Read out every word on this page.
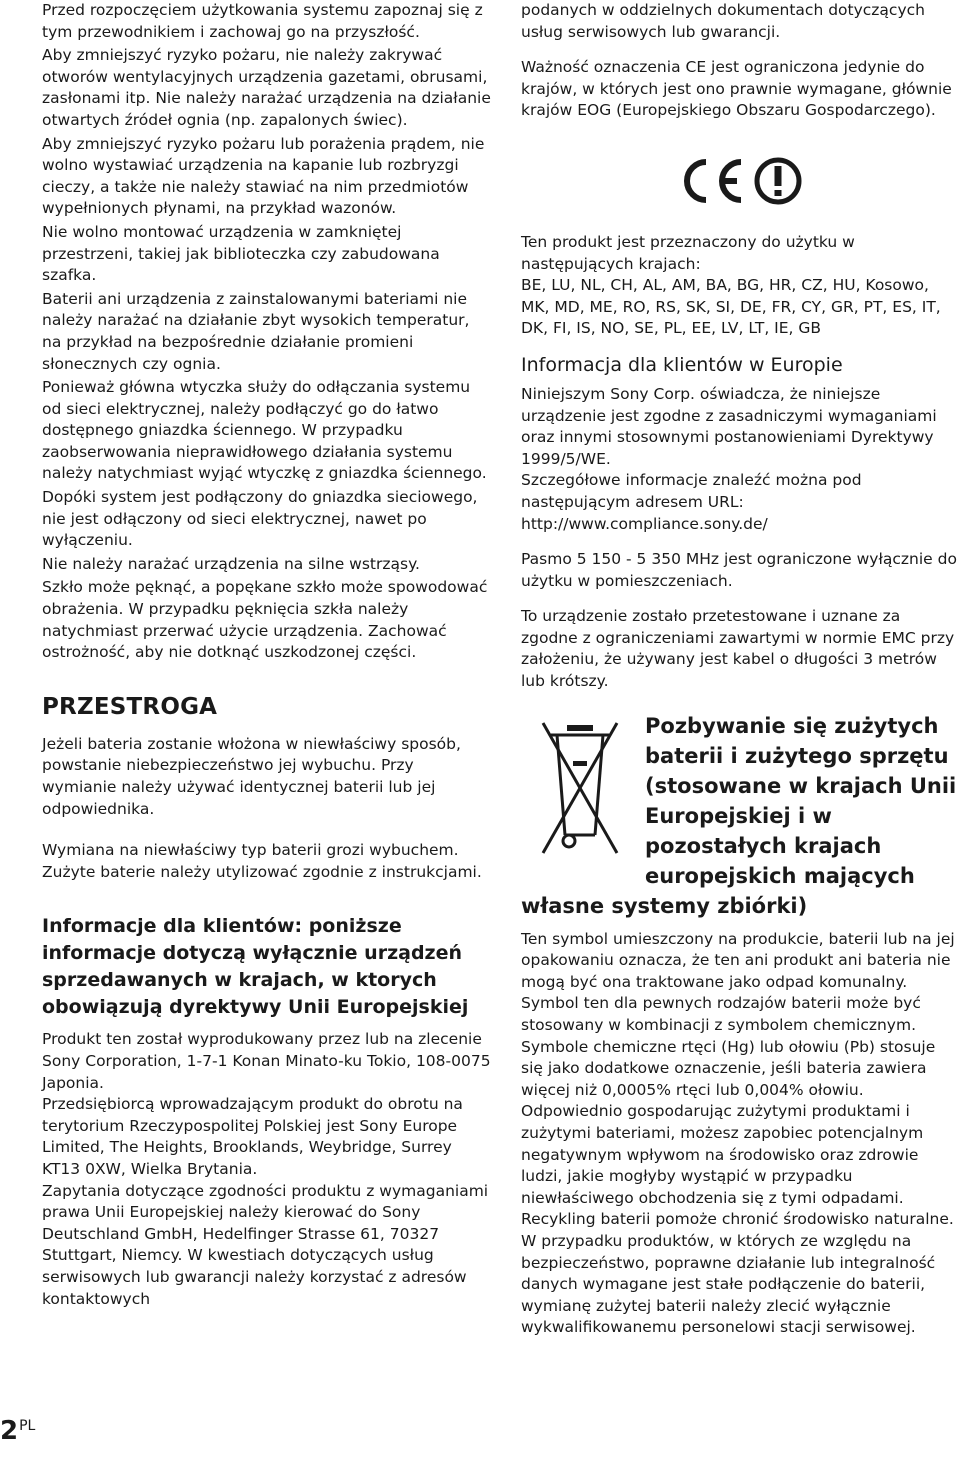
Przed rozpoczęciem użytkowania systemu zapoznaj się z tym przewodnikiem i zachowaj go na przyszłość.

Aby zmniejszyć ryzyko pożaru, nie należy zakrywać otworów wentylacyjnych urządzenia gazetami, obrusami, zasłonami itp. Nie należy narażać urządzenia na działanie otwartych źródeł ognia (np. zapalonych świec).

Aby zmniejszyć ryzyko pożaru lub porażenia prądem, nie wolno wystawiać urządzenia na kapanie lub rozbryzgi cieczy, a także nie należy stawiać na nim przedmiotów wypełnionych płynami, na przykład wazonów.

Nie wolno montować urządzenia w zamkniętej przestrzeni, takiej jak biblioteczka czy zabudowana szafka.

Baterii ani urządzenia z zainstalowanymi bateriami nie należy narażać na działanie zbyt wysokich temperatur, na przykład na bezpośrednie działanie promieni słonecznych czy ognia.

Ponieważ główna wtyczka służy do odłączania systemu od sieci elektrycznej, należy podłączyć go do łatwo dostępnego gniazdka ściennego. W przypadku zaobserwowania nieprawidłowego działania systemu należy natychmiast wyjąć wtyczkę z gniazdka ściennego.

Dopóki system jest podłączony do gniazdka sieciowego, nie jest odłączony od sieci elektrycznej, nawet po wyłączeniu.

Nie należy narażać urządzenia na silne wstrząsy.

Szkło może pęknąć, a popękane szkło może spowodować obrażenia. W przypadku pęknięcia szkła należy natychmiast przerwać użycie urządzenia. Zachować ostrożność, aby nie dotknąć uszkodzonej części.

PRZESTROGA

Jeżeli bateria zostanie włożona w niewłaściwy sposób, powstanie niebezpieczeństwo jej wybuchu. Przy wymianie należy używać identycznej baterii lub jej odpowiednika.

Wymiana na niewłaściwy typ baterii grozi wybuchem.

Zużyte baterie należy utylizować zgodnie z instrukcjami.

Informacje dla klientów: poniższe informacje dotyczą wyłącznie urządzeń sprzedawanych w krajach, w ktorych obowiązują dyrektywy Unii Europejskiej

Produkt ten został wyprodukowany przez lub na zlecenie Sony Corporation, 1-7-1 Konan Minato-ku Tokio, 108-0075 Japonia.

Przedsiębiorcą wprowadzającym produkt do obrotu na terytorium Rzeczypospolitej Polskiej jest Sony Europe Limited, The Heights, Brooklands, Weybridge, Surrey KT13 0XW, Wielka Brytania.

Zapytania dotyczące zgodności produktu z wymaganiami prawa Unii Europejskiej należy kierować do Sony Deutschland GmbH, Hedelfinger Strasse 61, 70327 Stuttgart, Niemcy. W kwestiach dotyczących usług serwisowych lub gwarancji należy korzystać z adresów kontaktowych

podanych w oddzielnych dokumentach dotyczących usług serwisowych lub gwarancji.

Ważność oznaczenia CE jest ograniczona jedynie do krajów, w których jest ono prawnie wymagane, głównie krajów EOG (Europejskiego Obszaru Gospodarczego).

Ten produkt jest przeznaczony do użytku w następujących krajach:

BE, LU, NL, CH, AL, AM, BA, BG, HR, CZ, HU, Kosowo, MK, MD, ME, RO, RS, SK, SI, DE, FR, CY, GR, PT, ES, IT, DK, FI, IS, NO, SE, PL, EE, LV, LT, IE, GB

Informacja dla klientów w Europie

Niniejszym Sony Corp. oświadcza, że niniejsze urządzenie jest zgodne z zasadniczymi wymaganiami oraz innymi stosownymi postanowieniami Dyrektywy 1999/5/WE.

Szczegółowe informacje znaleźć można pod następującym adresem URL:

http://www.compliance.sony.de/

Pasmo 5 150 - 5 350 MHz jest ograniczone wyłącznie do użytku w pomieszczeniach.

To urządzenie zostało przetestowane i uznane za zgodne z ograniczeniami zawartymi w normie EMC przy założeniu, że używany jest kabel o długości 3 metrów lub krótszy.

Pozbywanie się zużytych baterii i zużytego sprzętu (stosowane w krajach Unii Europejskiej i w pozostałych krajach europejskich mających własne systemy zbiórki)

Ten symbol umieszczony na produkcie, baterii lub na jej opakowaniu oznacza, że ten ani produkt ani bateria nie mogą być ona traktowane jako odpad komunalny. Symbol ten dla pewnych rodzajów baterii może być stosowany w kombinacji z symbolem chemicznym. Symbole chemiczne rtęci (Hg) lub ołowiu (Pb) stosuje się jako dodatkowe oznaczenie, jeśli bateria zawiera więcej niż 0,0005% rtęci lub 0,004% ołowiu.

Odpowiednio gospodarując zużytymi produktami i zużytymi bateriami, możesz zapobiec potencjalnym negatywnym wpływom na środowisko oraz zdrowie ludzi, jakie mogłyby wystąpić w przypadku niewłaściwego obchodzenia się z tymi odpadami. Recykling baterii pomoże chronić środowisko naturalne.

W przypadku produktów, w których ze względu na bezpieczeństwo, poprawne działanie lub integralność danych wymagane jest stałe podłączenie do baterii, wymianę zużytej baterii należy zlecić wyłącznie wykwalifikowanemu personelowi stacji serwisowej.

$2^{PL}$
